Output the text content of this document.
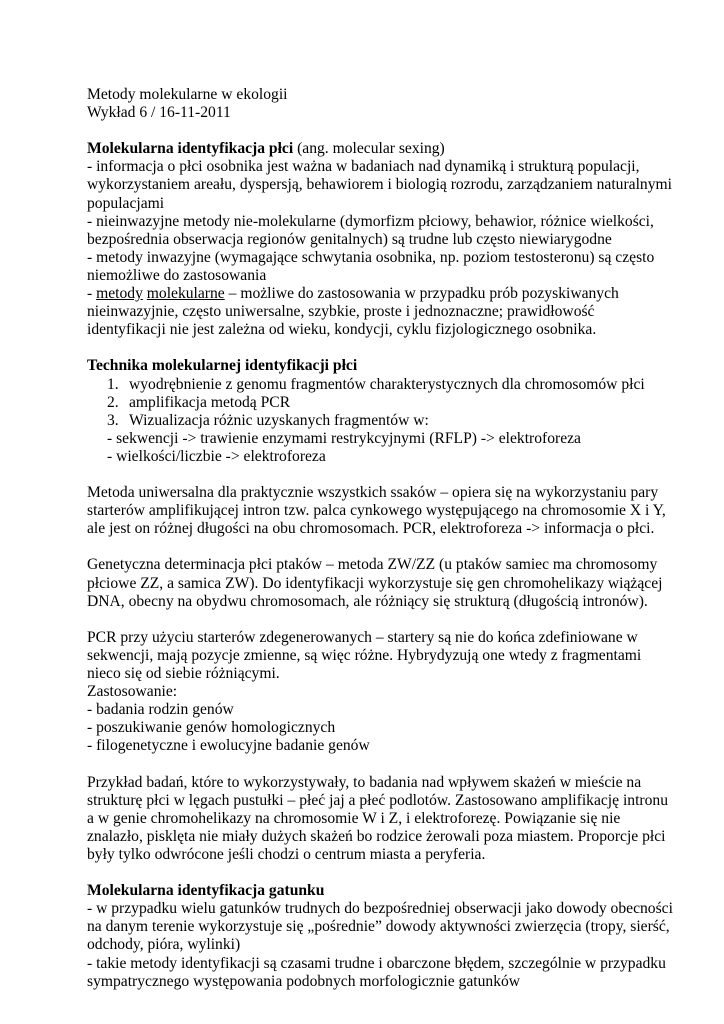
Metody molekularne w ekologii
Wykład 6 / 16-11-2011
Molekularna identyfikacja płci (ang. molecular sexing)
- informacja o płci osobnika jest ważna w badaniach nad dynamiką i strukturą populacji,
wykorzystaniem areału, dyspersją, behawiorem i biologią rozrodu, zarządzaniem naturalnymi
populacjami
- nieinwazyjne metody nie-molekularne (dymorfizm płciowy, behawior, różnice wielkości,
bezpośrednia obserwacja regionów genitalnych) są trudne lub często niewiarygodne
- metody inwazyjne (wymagające schwytania osobnika, np. poziom testosteronu) są często
niemożliwe do zastosowania
- metody molekularne – możliwe do zastosowania w przypadku prób pozyskiwanych
nieinwazyjnie, często uniwersalne, szybkie, proste i jednoznaczne; prawidłowość
identyfikacji nie jest zależna od wieku, kondycji, cyklu fizjologicznego osobnika.
Technika molekularnej identyfikacji płci
1. wyodrębnienie z genomu fragmentów charakterystycznych dla chromosomów płci
2. amplifikacja metodą PCR
3. Wizualizacja różnic uzyskanych fragmentów w:
- sekwencji -> trawienie enzymami restrykcyjnymi (RFLP) -> elektroforeza
- wielkości/liczbie -> elektroforeza
Metoda uniwersalna dla praktycznie wszystkich ssaków – opiera się na wykorzystaniu pary
starterów amplifikującej intron tzw. palca cynkowego występującego na chromosomie X i Y,
ale jest on różnej długości na obu chromosomach. PCR, elektroforeza -> informacja o płci.
Genetyczna determinacja płci ptaków – metoda ZW/ZZ (u ptaków samiec ma chromosomy
płciowe ZZ, a samica ZW). Do identyfikacji wykorzystuje się gen chromohelikazy wiążącej
DNA, obecny na obydwu chromosomach, ale różniący się strukturą (długością intronów).
PCR przy użyciu starterów zdegenerowanych – startery są nie do końca zdefiniowane w
sekwencji, mają pozycje zmienne, są więc różne. Hybrydyzują one wtedy z fragmentami
nieco się od siebie różniącymi.
Zastosowanie:
- badania rodzin genów
- poszukiwanie genów homologicznych
- filogenetyczne i ewolucyjne badanie genów
Przykład badań, które to wykorzystywały, to badania nad wpływem skażeń w mieście na
strukturę płci w lęgach pustułki – płeć jaj a płeć podlotów. Zastosowano amplifikację intronu
a w genie chromohelikazy na chromosomie W i Z, i elektroforezę. Powiązanie się nie
znalazło, pisklęta nie miały dużych skażeń bo rodzice żerowali poza miastem. Proporcje płci
były tylko odwrócone jeśli chodzi o centrum miasta a peryferia.
Molekularna identyfikacja gatunku
- w przypadku wielu gatunków trudnych do bezpośredniej obserwacji jako dowody obecności
na danym terenie wykorzystuje się „pośrednie” dowody aktywności zwierzęcia (tropy, sierść,
odchody, pióra, wylinki)
- takie metody identyfikacji są czasami trudne i obarczone błędem, szczególnie w przypadku
sympatrycznego występowania podobnych morfologicznie gatunków
